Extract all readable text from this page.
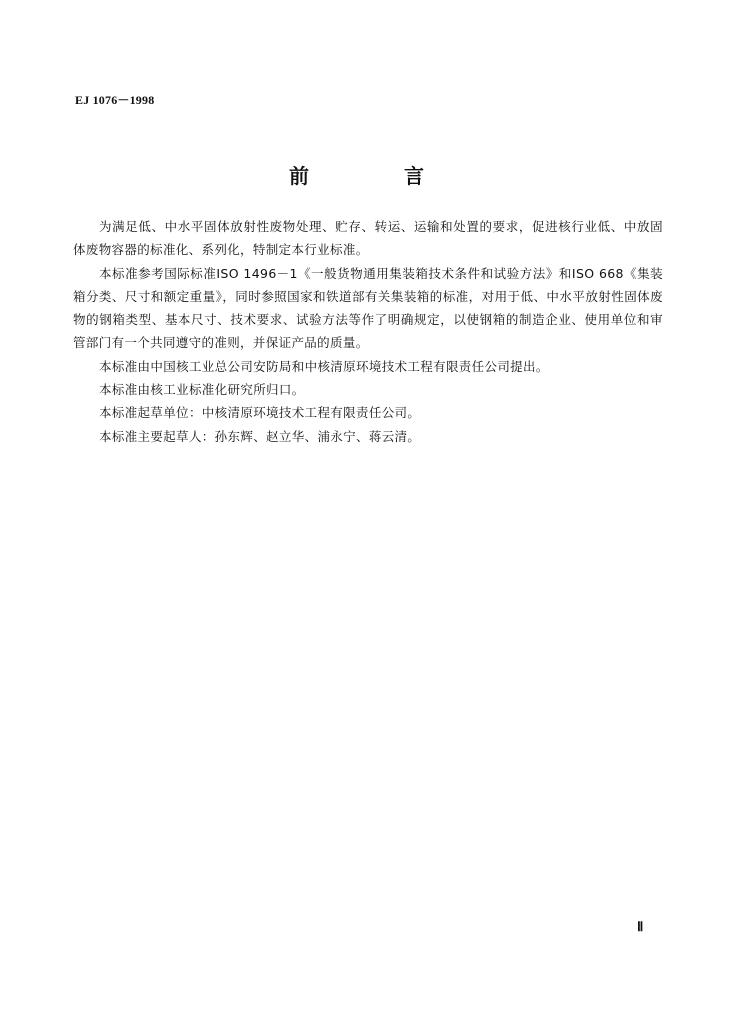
EJ 1076－1998
前 言

为满足低、中水平固体放射性废物处理、贮存、转运、运输和处置的要求，促进核行业低、中放固体废物容器的标准化、系列化，特制定本行业标准。

本标准参考国际标准ISO 1496－1《一般货物通用集装箱技术条件和试验方法》和ISO 668《集装箱分类、尺寸和额定重量》，同时参照国家和铁道部有关集装箱的标准，对用于低、中水平放射性固体废物的钢箱类型、基本尺寸、技术要求、试验方法等作了明确规定，以使钢箱的制造企业、使用单位和审管部门有一个共同遵守的准则，并保证产品的质量。

本标准由中国核工业总公司安防局和中核清原环境技术工程有限责任公司提出。

本标准由核工业标准化研究所归口。

本标准起草单位：中核清原环境技术工程有限责任公司。

本标准主要起草人：孙东辉、赵立华、浦永宁、蒋云清。

Ⅱ
